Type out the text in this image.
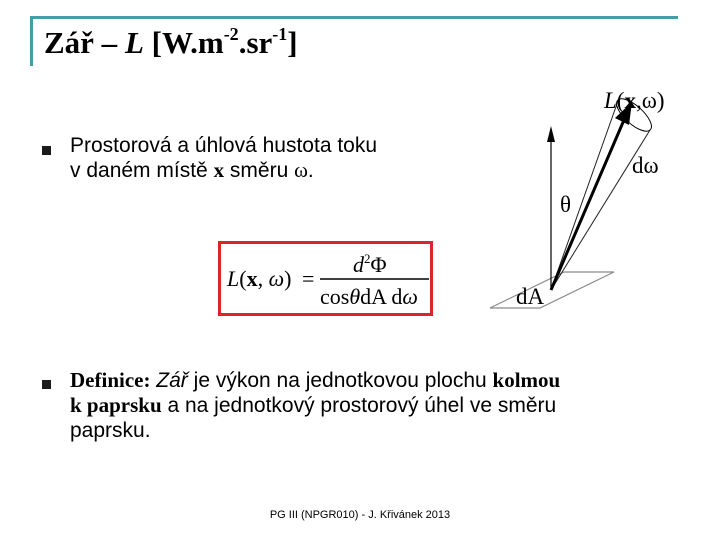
Zář – L $[W.m^{-2}.sr^{-1}]$
Prostorová a úhlová hustota toku
v daném místě x směru ω.
L(x, ω) =
$d^2\Phi$
cosθdA dω
L(x,ω)
dω
θ
dA
Definice: Zář je výkon na jednotkovou plochu kolmou
k paprsku a na jednotkový prostorový úhel ve směru
paprsku.
PG III (NPGR010) - J. Křivánek 2013
